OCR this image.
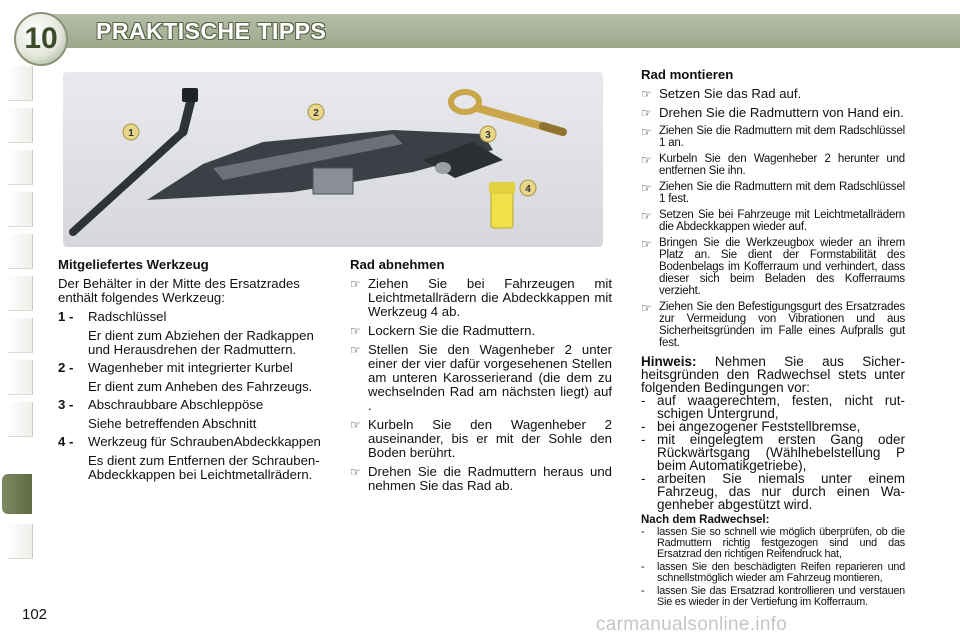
10	PRAKTISCHE TIPPS
1
2
3
4
Mitgeliefertes Werkzeug

Der Behälter in der Mitte des Ersatzrades enthält folgendes Werkzeug:

1 -	Radschlüssel
Er dient zum Abziehen der Radkappen und Herausdrehen der Radmuttern.
2 -	Wagenheber mit integrierter Kurbel
Er dient zum Anheben des Fahrzeugs.
3 -	Abschraubbare Abschleppöse
Siehe betreffenden Abschnitt
4 -	Werkzeug für SchraubenAbdeckkappen
Es dient zum Entfernen der Schrauben-Abdeckkappen bei Leichtmetallrädern.
Rad abnehmen
☞ Ziehen Sie bei Fahrzeugen mit Leichtmetallrädern die Abdeckkappen mit Werkzeug 4 ab.
☞ Lockern Sie die Radmuttern.
☞ Stellen Sie den Wagenheber 2 unter einer der vier dafür vorgesehenen Stellen am unteren Karosserierand (die dem zu wechselnden Rad am nächsten liegt) auf .
☞ Kurbeln Sie den Wagenheber 2 auseinander, bis er mit der Sohle den Boden berührt.
☞ Drehen Sie die Radmuttern heraus und nehmen Sie das Rad ab.
Rad montieren
☞ Setzen Sie das Rad auf.
☞ Drehen Sie die Radmuttern von Hand ein.
☞ Ziehen Sie die Radmuttern mit dem Radschlüssel 1 an.
☞ Kurbeln Sie den Wagenheber 2 herunter und entfernen Sie ihn.
☞ Ziehen Sie die Radmuttern mit dem Radschlüssel 1 fest.
☞ Setzen Sie bei Fahrzeuge mit Leichtmetallrädern die Abdeckkappen wieder auf.
☞ Bringen Sie die Werkzeugbox wieder an ihrem Platz an. Sie dient der Formstabilität des Bodenbelags im Kofferraum und verhindert, dass dieser sich beim Beladen des Kofferraums verzieht.
☞ Ziehen Sie den Befestigungsgurt des Ersatzrades zur Vermeidung von Vibrationen und aus Sicherheitsgründen im Falle eines Aufpralls gut fest.
Hinweis: Nehmen Sie aus Sicherheitsgründen den Radwechsel stets unter folgenden Bedingungen vor:
- auf waagerechtem, festen, nicht rutschigen Untergrund,
- bei angezogener Feststellbremse,
- mit eingelegtem ersten Gang oder Rückwärtsgang (Wählhebelstellung P beim Automatikgetriebe),
- arbeiten Sie niemals unter einem Fahrzeug, das nur durch einen Wagenheber abgestützt wird.
Nach dem Radwechsel:
-	lassen Sie so schnell wie möglich überprüfen, ob die Radmuttern richtig festgezogen sind und das Ersatzrad den richtigen Reifendruck hat,
-	lassen Sie den beschädigten Reifen reparieren und schnellstmöglich wieder am Fahrzeug montieren,
-	lassen Sie das Ersatzrad kontrollieren und verstauen Sie es wieder in der Vertiefung im Kofferraum.
102	carmanualsonline.info
